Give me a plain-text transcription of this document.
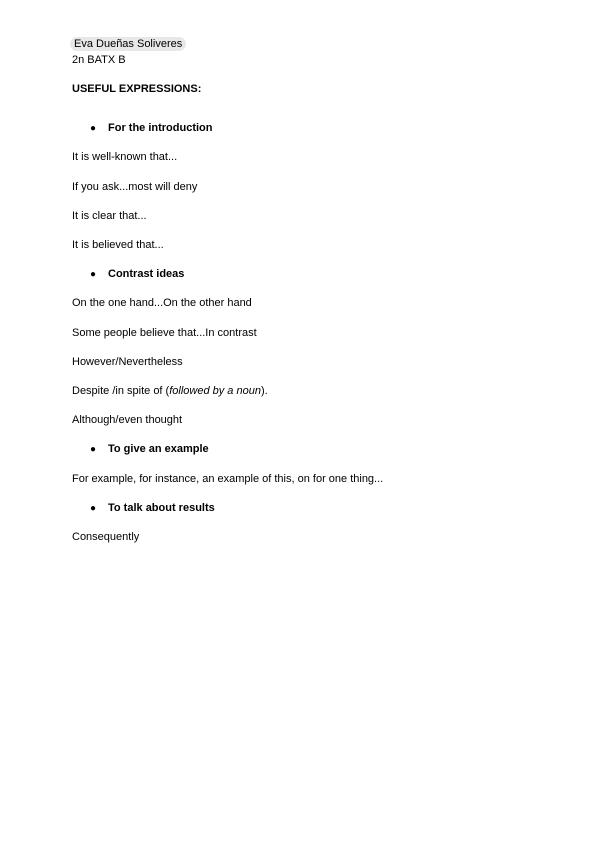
Eva Dueñas Soliveres
2n BATX B
USEFUL EXPRESSIONS:
● For the introduction
It is well-known that...
If you ask...most will deny
It is clear that...
It is believed that...
● Contrast ideas
On the one hand...On the other hand
Some people believe that...In contrast
However/Nevertheless
Despite /in spite of (followed by a noun).
Although/even thought
● To give an example
For example, for instance, an example of this, on for one thing...
● To talk about results
Consequently
